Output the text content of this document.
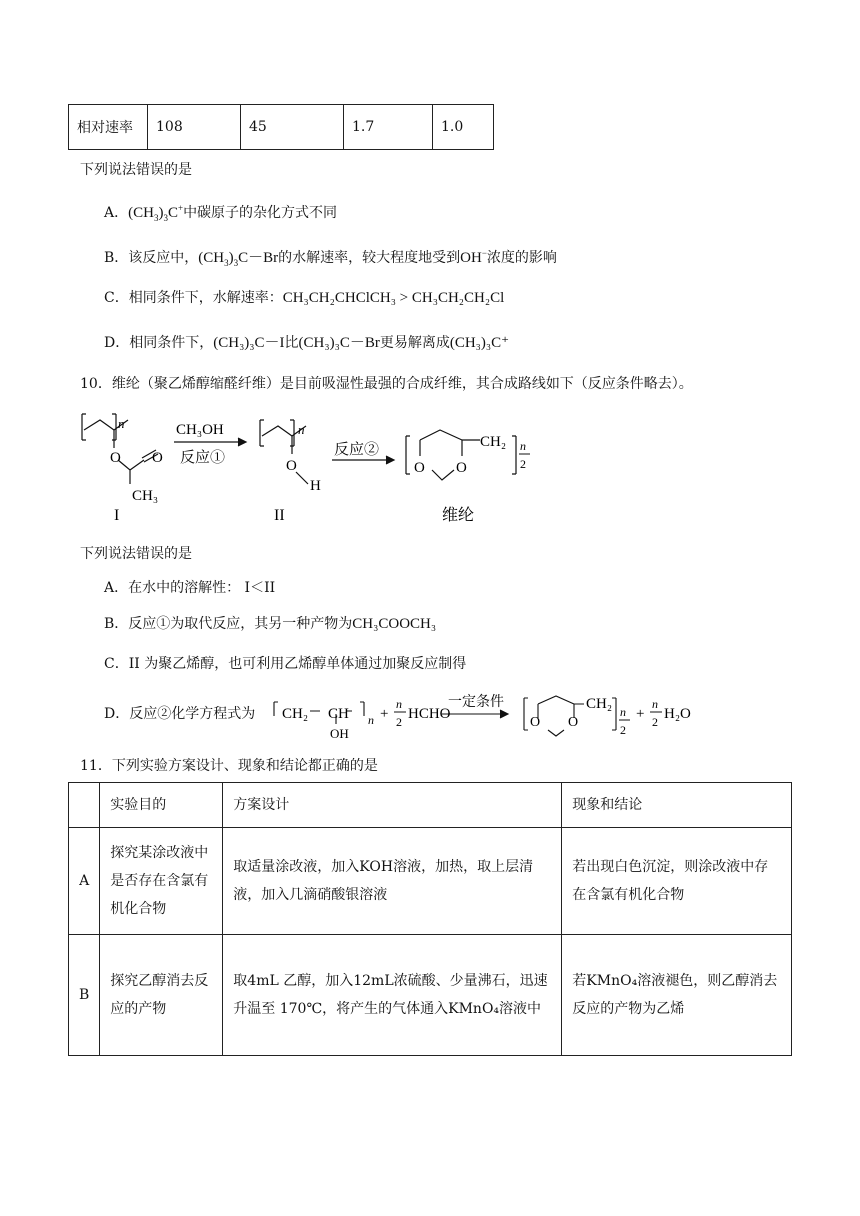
相对速率	108	45	1.7	1.0
下列说法错误的是
A．$(CH_3)_3C^+$中碳原子的杂化方式不同
B．该反应中，$(CH_3)_3C-Br$的水解速率，较大程度地受到OH−浓度的影响
C．相同条件下，水解速率：CH₃CH₂CHClCH₃ > CH₃CH₂CH₂Cl
D．相同条件下，(CH₃)₃C－I比(CH₃)₃C－Br更易解离成(CH₃)₃C⁺
10．维纶（聚乙烯醇缩醛纤维）是目前吸湿性最强的合成纤维，其合成路线如下（反应条件略去）。
n
O O
CH₃
CH₃OH
反应①
n
O
H
反应②
O O
CH₂ n
2
I	II	维纶
下列说法错误的是
A．在水中的溶解性： I＜II
B．反应①为取代反应，其另一种产物为CH₃COOCH₃
C．II 为聚乙烯醇，也可利用乙烯醇单体通过加聚反应制得
D．反应②化学方程式为 CH₂ CH
OH
n +
n
2 HCHO
一定条件
O O
CH₂ n
2
+
n
2 H₂O
11．下列实验方案设计、现象和结论都正确的是
	实验目的	方案设计	现象和结论
A	探究某涂改液中是否存在含氯有机化合物	取适量涂改液，加入KOH溶液，加热，取上层清液，加入几滴硝酸银溶液	若出现白色沉淀，则涂改液中存在含氯有机化合物
B	探究乙醇消去反应的产物	取4mL 乙醇，加入12mL浓硫酸、少量沸石，迅速升温至 170℃，将产生的气体通入KMnO₄溶液中	若KMnO₄溶液褪色，则乙醇消去反应的产物为乙烯
